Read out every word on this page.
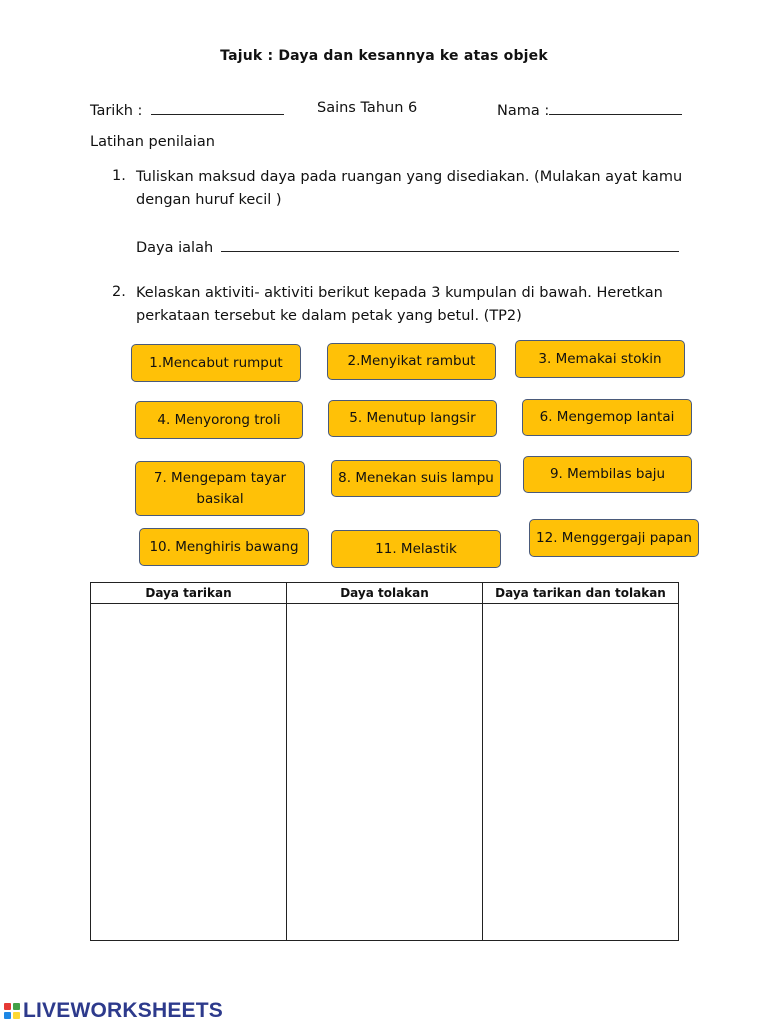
Tajuk : Daya dan kesannya ke atas objek
Tarikh :	Sains Tahun 6	Nama :
Latihan penilaian
1. Tuliskan maksud daya pada ruangan yang disediakan. (Mulakan ayat kamu
dengan huruf kecil )
Daya ialah
2. Kelaskan aktiviti- aktiviti berikut kepada 3 kumpulan di bawah. Heretkan
perkataan tersebut ke dalam petak yang betul. (TP2)
1.Mencabut rumput	2.Menyikat rambut	3. Memakai stokin
4. Menyorong troli	5. Menutup langsir	6. Mengemop lantai
7. Mengepam tayar basikal
8. Menekan suis lampu	9. Membilas baju
10. Menghiris bawang	11. Melastik
12. Menggergaji papan
Daya tarikan	Daya tolakan	Daya tarikan dan tolakan

LIVEWORKSHEETS
